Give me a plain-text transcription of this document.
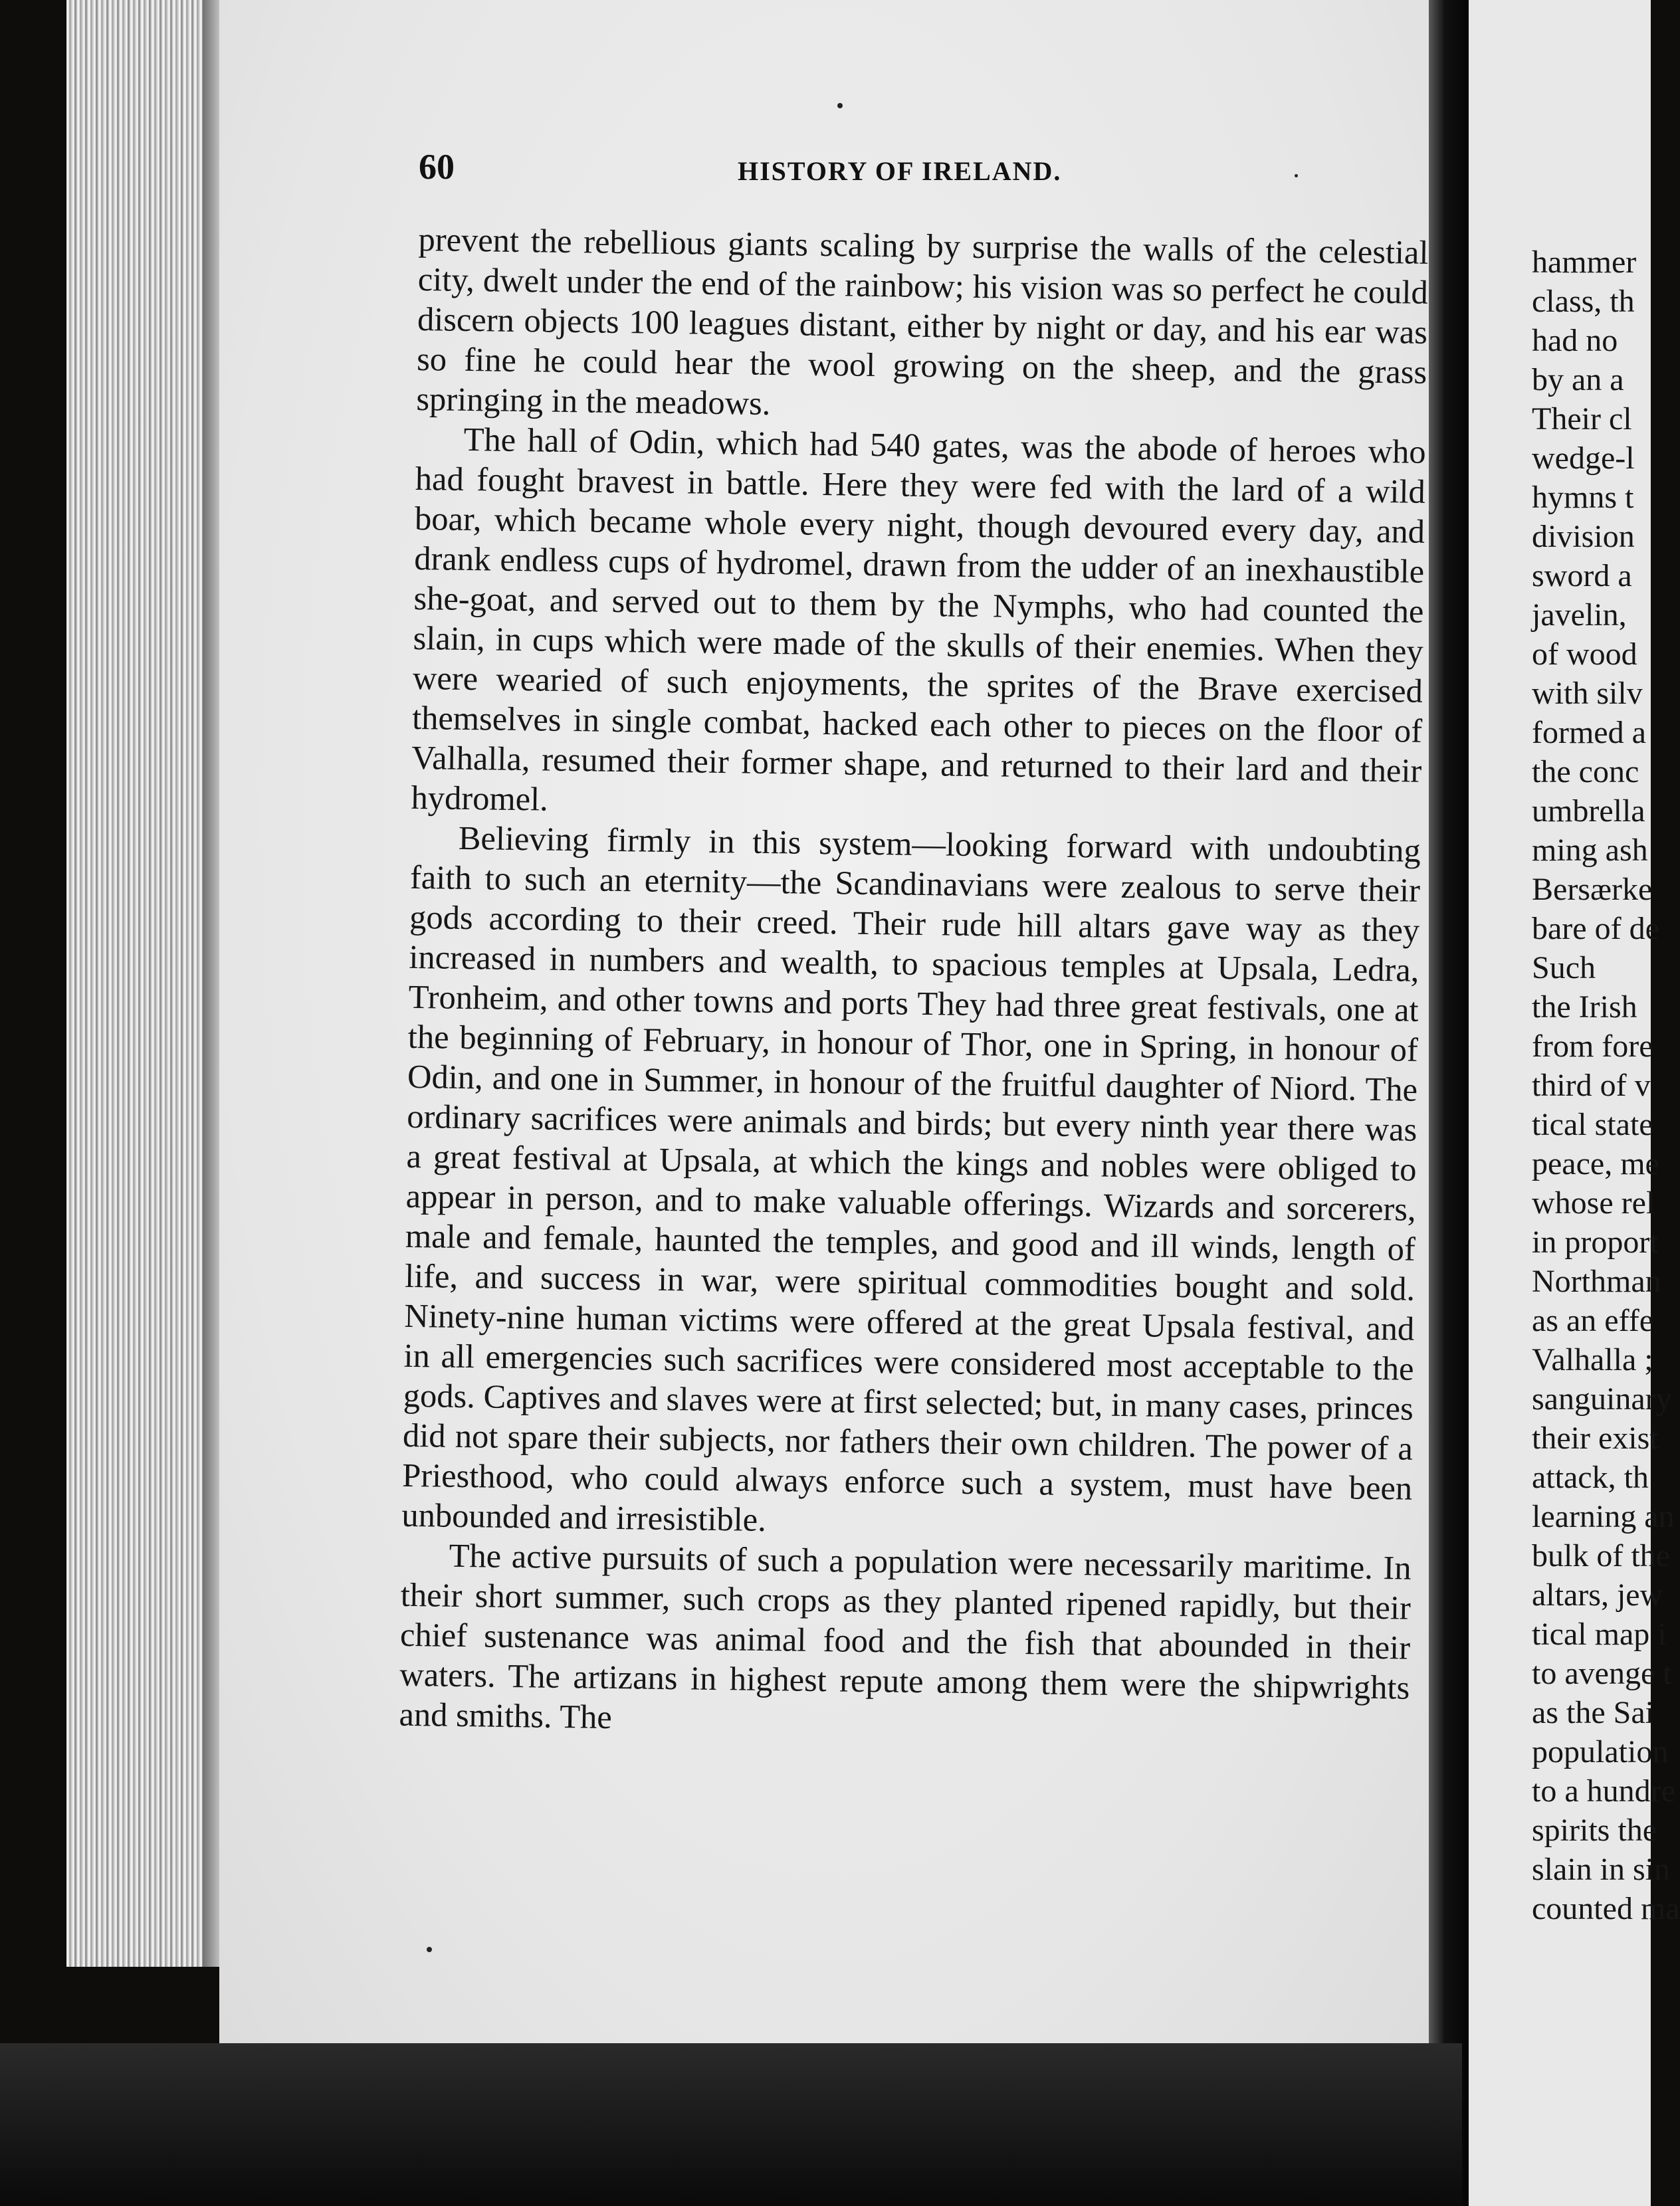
60	HISTORY OF IRELAND.

prevent the rebellious giants scaling by surprise the walls of the celestial city, dwelt under the end of the rainbow; his vision was so perfect he could discern objects 100 leagues distant, either by night or day, and his ear was so fine he could hear the wool growing on the sheep, and the grass springing in the meadows.

The hall of Odin, which had 540 gates, was the abode of heroes who had fought bravest in battle. Here they were fed with the lard of a wild boar, which became whole every night, though devoured every day, and drank endless cups of hydromel, drawn from the udder of an inexhaustible she-goat, and served out to them by the Nymphs, who had counted the slain, in cups which were made of the skulls of their enemies. When they were wearied of such enjoyments, the sprites of the Brave exercised themselves in single combat, hacked each other to pieces on the floor of Valhalla, resumed their former shape, and returned to their lard and their hydromel.

Believing firmly in this system—looking forward with undoubting faith to such an eternity—the Scandinavians were zealous to serve their gods according to their creed. Their rude hill altars gave way as they increased in numbers and wealth, to spacious temples at Upsala, Ledra, Tronheim, and other towns and ports They had three great festivals, one at the beginning of February, in honour of Thor, one in Spring, in honour of Odin, and one in Summer, in honour of the fruitful daughter of Niord. The ordinary sacrifices were animals and birds; but every ninth year there was a great festival at Upsala, at which the kings and nobles were obliged to appear in person, and to make valuable offerings. Wizards and sorcerers, male and female, haunted the temples, and good and ill winds, length of life, and success in war, were spiritual commodities bought and sold. Ninety-nine human victims were offered at the great Upsala festival, and in all emergencies such sacrifices were considered most acceptable to the gods. Captives and slaves were at first selected; but, in many cases, princes did not spare their subjects, nor fathers their own children. The power of a Priesthood, who could always enforce such a system, must have been unbounded and irresistible.

The active pursuits of such a population were necessarily maritime. In their short summer, such crops as they planted ripened rapidly, but their chief sustenance was animal food and the fish that abounded in their waters. The artizans in highest repute among them were the shipwrights and smiths. The

hammer
class, th
had no
by an a
Their cl
wedge-l
hymns t
division
sword a
javelin,
of wood
with silv
formed a
the conc
umbrella
ming ash
Bersærke
bare of de
Such
the Irish
from fore
third of v
tical state
peace, me
whose rel
in proport
Northman
as an effe
Valhalla ;
sanguinary
their exist
attack, th
learning an
bulk of the
altars, jew
tical map i
to avenge t
as the Sai
population
to a hundre
spirits the
slain in sin
counted ma
